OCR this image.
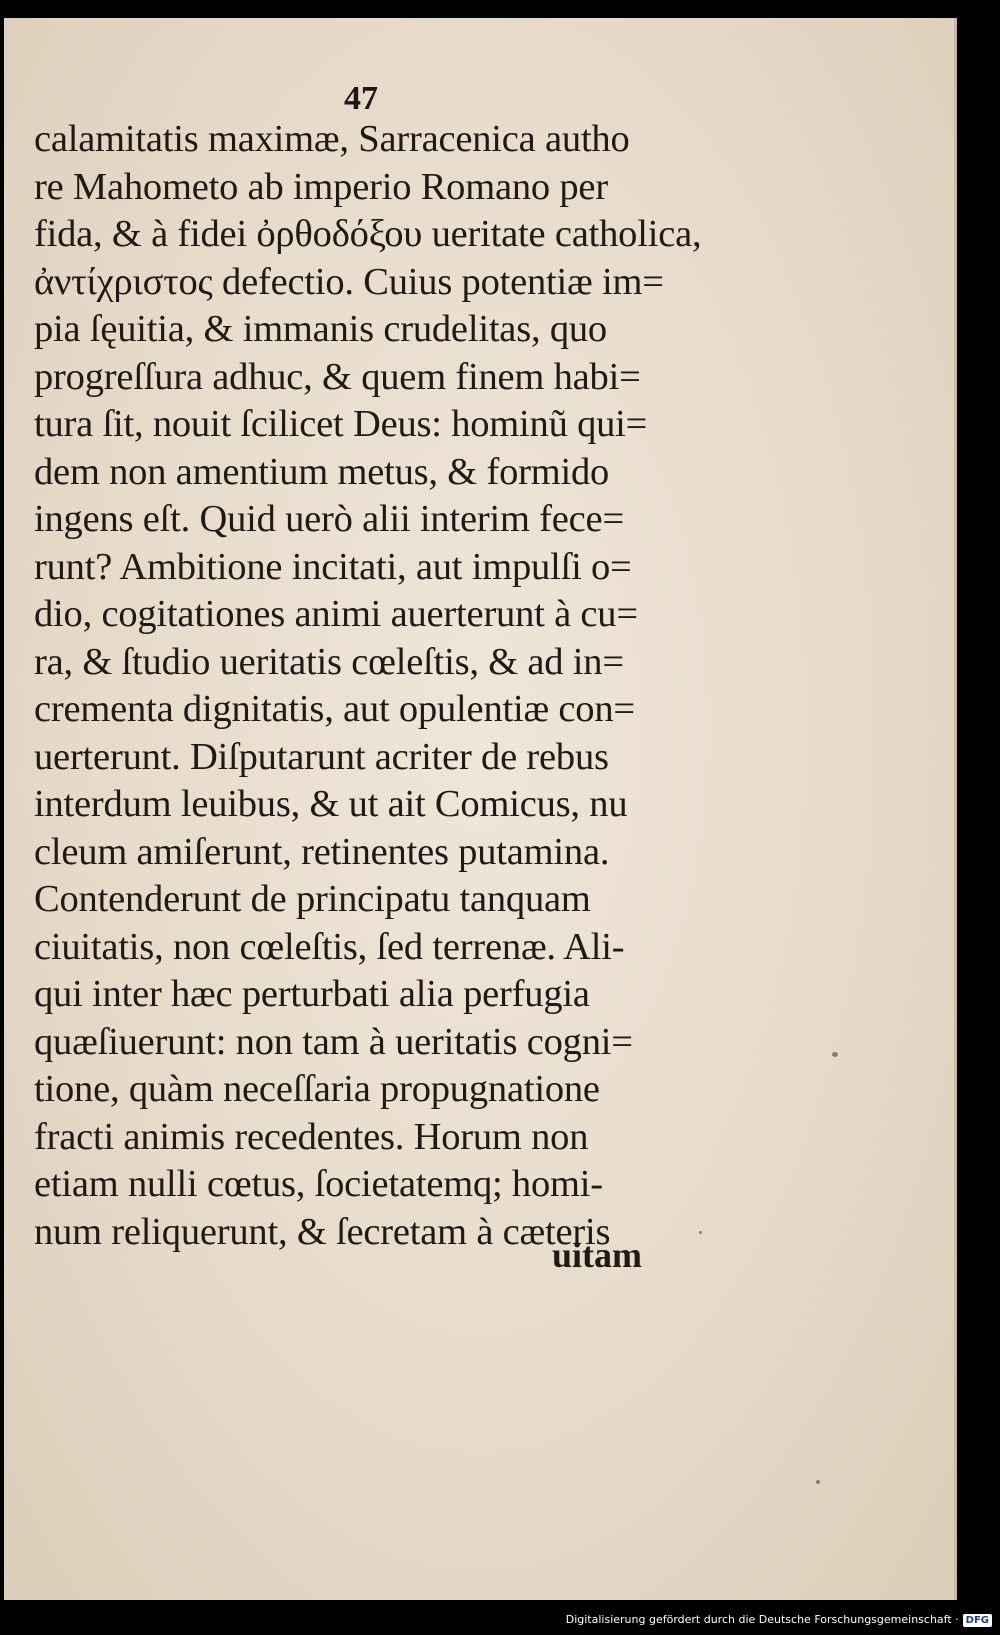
47
calamitatis maximæ, Sarracenica autho
re Mahometo ab imperio Romano per
fida, & à fidei ὀρθοδόξου ueritate catholica,
ἀντίχριστος defectio. Cuius potentiæ im=
pia ſęuitia, & immanis crudelitas, quo
progreſſura adhuc, & quem finem habi=
tura ſit, nouit ſcilicet Deus: hominũ qui=
dem non amentium metus, & formido
ingens eſt. Quid uerò alii interim fece=
runt? Ambitione incitati, aut impulſi o=
dio, cogitationes animi auerterunt à cu=
ra, & ſtudio ueritatis cœleſtis, & ad in=
crementa dignitatis, aut opulentiæ con=
uerterunt. Diſputarunt acriter de rebus
interdum leuibus, & ut ait Comicus, nu
cleum amiſerunt, retinentes putamina.
Contenderunt de principatu tanquam
ciuitatis, non cœleſtis, ſed terrenæ. Ali-
qui inter hæc perturbati alia perfugia
quæſiuerunt: non tam à ueritatis cogni=
tione, quàm neceſſaria propugnatione
fracti animis recedentes. Horum non
etiam nulli cœtus, ſocietatemq; homi-
num reliquerunt, & ſecretam à cæteris
uitam
Digitalisierung gefördert durch die Deutsche Forschungsgemeinschaft · DFG
